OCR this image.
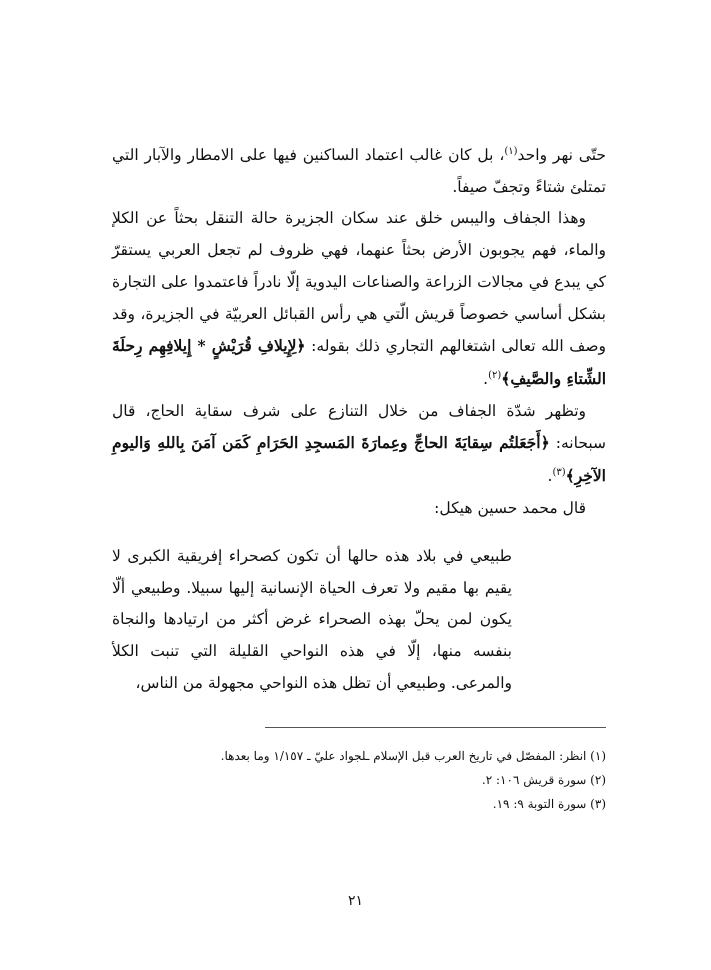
حتّى نهر واحد$^{(١)}$، بل كان غالب اعتماد الساكنين فيها على الامطار والآبار التي تمتلئ شتاءً وتجفّ صيفاً.

وهذا الجفاف واليبس خلق عند سكان الجزيرة حالة التنقل بحثاً عن الكلإ والماء، فهم يجوبون الأرض بحثاً عنهما، فهي ظروف لم تجعل العربي يستقرّ كي يبدع في مجالات الزراعة والصناعات اليدوية إلّا نادراً فاعتمدوا على التجارة بشكل أساسي خصوصاً قريش الّتي هي رأس القبائل العربيّة في الجزيرة، وقد وصف الله تعالى اشتغالهم التجاري ذلك بقوله: ﴿لِإِيلافِ قُرَيْشٍ * إِيلافِهِم رِحلَةَ الشِّتاءِ والصَّيفِ﴾$^{(٢)}$.

وتظهر شدّة الجفاف من خلال التنازع على شرف سقاية الحاج، قال سبحانه: ﴿أَجَعَلتُم سِقايَةَ الحاجِّ وعِمارَةَ المَسجِدِ الحَرَامِ كَمَن آمَنَ بِاللهِ وَاليومِ الآخِرِ﴾$^{(٣)}$.

قال محمد حسين هيكل:

طبيعي في بلاد هذه حالها أن تكون كصحراء إفريقية الكبرى لا يقيم بها مقيم ولا تعرف الحياة الإنسانية إليها سبيلا. وطبيعي ألّا يكون لمن يحلّ بهذه الصحراء غرض أكثر من ارتيادها والنجاة بنفسه منها، إلّا في هذه النواحي القليلة التي تنبت الكلأ والمرعى. وطبيعي أن تظل هذه النواحي مجهولة من الناس،

(١) انظر: المفصّل في تاريخ العرب قبل الإسلام ـلجواد عليّ ـ ١/١٥٧ وما بعدها.

(٢) سورة قريش ١٠٦: ٢.

(٣) سورة التوبة ٩: ١٩.

٢١
